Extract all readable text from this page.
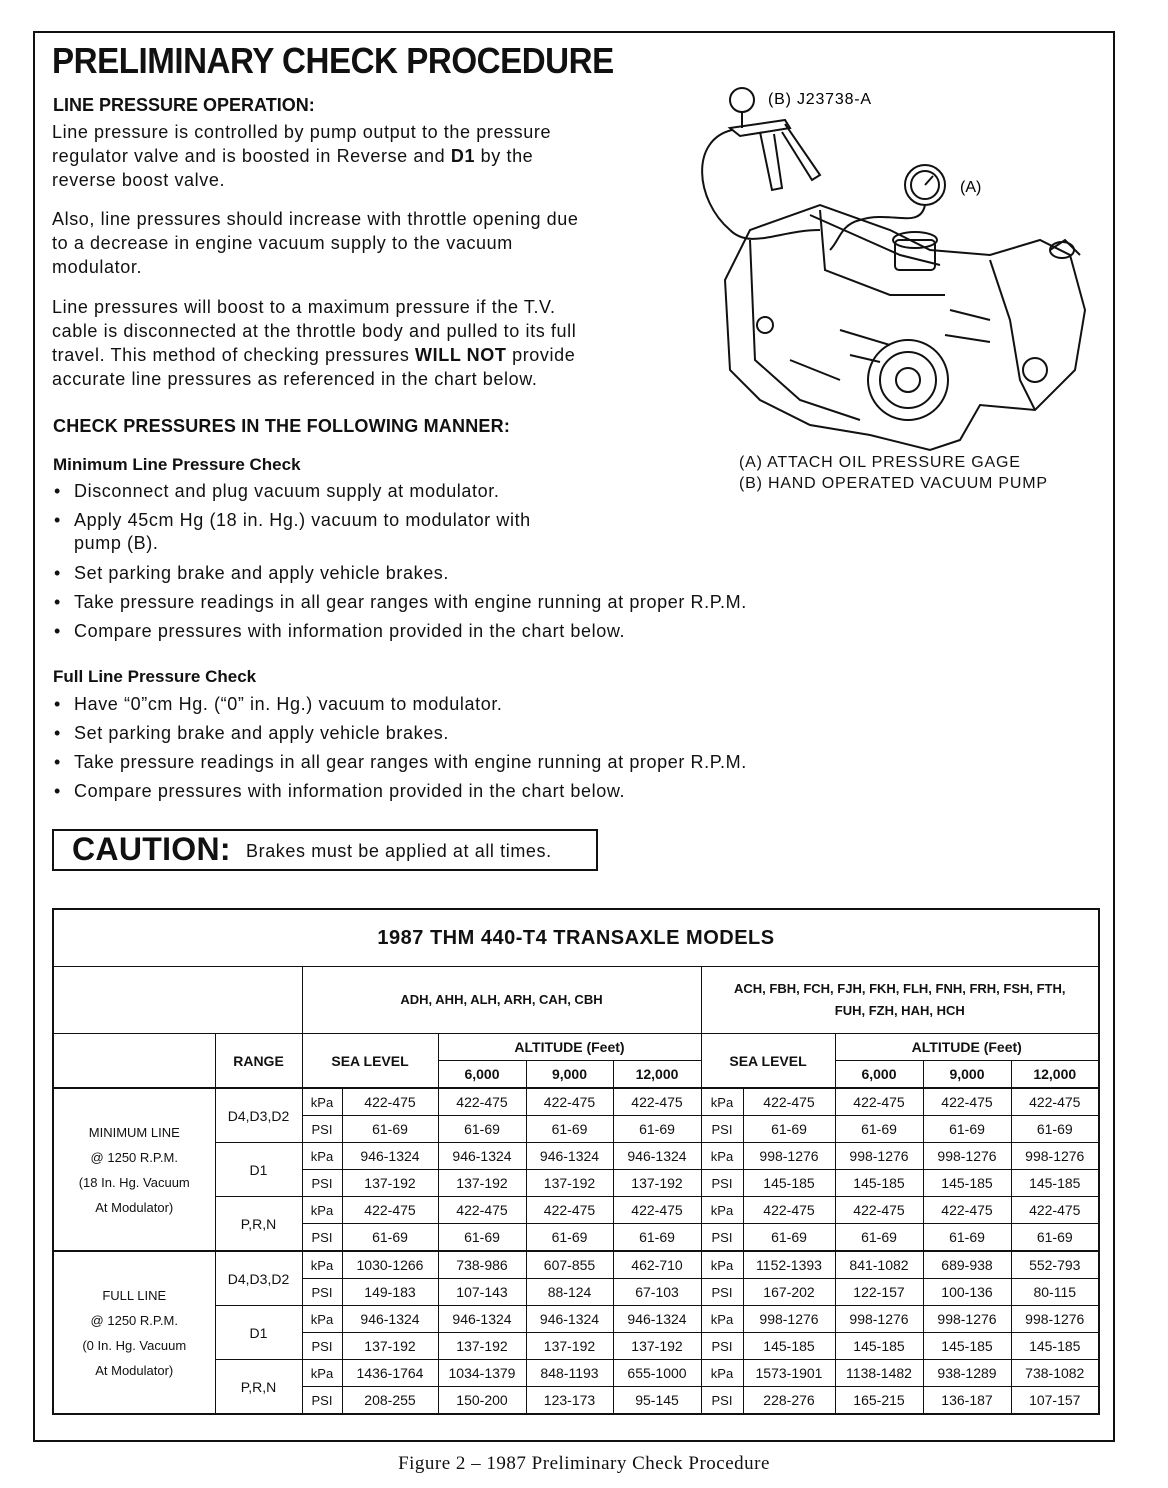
PRELIMINARY CHECK PROCEDURE
LINE PRESSURE OPERATION:
Line pressure is controlled by pump output to the pressure
regulator valve and is boosted in Reverse and D1 by the
reverse boost valve.
Also, line pressures should increase with throttle opening due
to a decrease in engine vacuum supply to the vacuum
modulator.
Line pressures will boost to a maximum pressure if the T.V.
cable is disconnected at the throttle body and pulled to its full
travel. This method of checking pressures WILL NOT provide
accurate line pressures as referenced in the chart below.
CHECK PRESSURES IN THE FOLLOWING MANNER:
Minimum Line Pressure Check
• Disconnect and plug vacuum supply at modulator.
• Apply 45cm Hg (18 in. Hg.) vacuum to modulator with
pump (B).
• Set parking brake and apply vehicle brakes.
• Take pressure readings in all gear ranges with engine running at proper R.P.M.
• Compare pressures with information provided in the chart below.
Full Line Pressure Check
• Have “0”cm Hg. (“0” in. Hg.) vacuum to modulator.
• Set parking brake and apply vehicle brakes.
• Take pressure readings in all gear ranges with engine running at proper R.P.M.
• Compare pressures with information provided in the chart below.
CAUTION: Brakes must be applied at all times.
(B) J23738-A
(A)
(A) ATTACH OIL PRESSURE GAGE
(B) HAND OPERATED VACUUM PUMP
1987 THM 440-T4 TRANSAXLE MODELS											
		ADH, AHH, ALH, ARH, CAH, CBH					ACH, FBH, FCH, FJH, FKH, FLH, FNH, FRH, FSH, FTH, FUH, FZH, HAH, HCH				
	RANGE	SEA LEVEL		ALTITUDE (Feet)			SEA LEVEL		ALTITUDE (Feet)		
				6,000	9,000	12,000			6,000	9,000	12,000

MINIMUM LINE
@ 1250 R.P.M.
(18 In. Hg. Vacuum
At Modulator)	D4,D3,D2	kPa	422-475	422-475	422-475	422-475	kPa	422-475	422-475	422-475	422-475
		PSI	61-69	61-69	61-69	61-69	PSI	61-69	61-69	61-69	61-69
	D1	kPa	946-1324	946-1324	946-1324	946-1324	kPa	998-1276	998-1276	998-1276	998-1276
		PSI	137-192	137-192	137-192	137-192	PSI	145-185	145-185	145-185	145-185
	P,R,N	kPa	422-475	422-475	422-475	422-475	kPa	422-475	422-475	422-475	422-475
		PSI	61-69	61-69	61-69	61-69	PSI	61-69	61-69	61-69	61-69

FULL LINE
@ 1250 R.P.M.
(0 In. Hg. Vacuum
At Modulator)	D4,D3,D2	kPa	1030-1266	738-986	607-855	462-710	kPa	1152-1393	841-1082	689-938	552-793
		PSI	149-183	107-143	88-124	67-103	PSI	167-202	122-157	100-136	80-115
	D1	kPa	946-1324	946-1324	946-1324	946-1324	kPa	998-1276	998-1276	998-1276	998-1276
		PSI	137-192	137-192	137-192	137-192	PSI	145-185	145-185	145-185	145-185
	P,R,N	kPa	1436-1764	1034-1379	848-1193	655-1000	kPa	1573-1901	1138-1482	938-1289	738-1082
		PSI	208-255	150-200	123-173	95-145	PSI	228-276	165-215	136-187	107-157
Figure 2 – 1987 Preliminary Check Procedure
